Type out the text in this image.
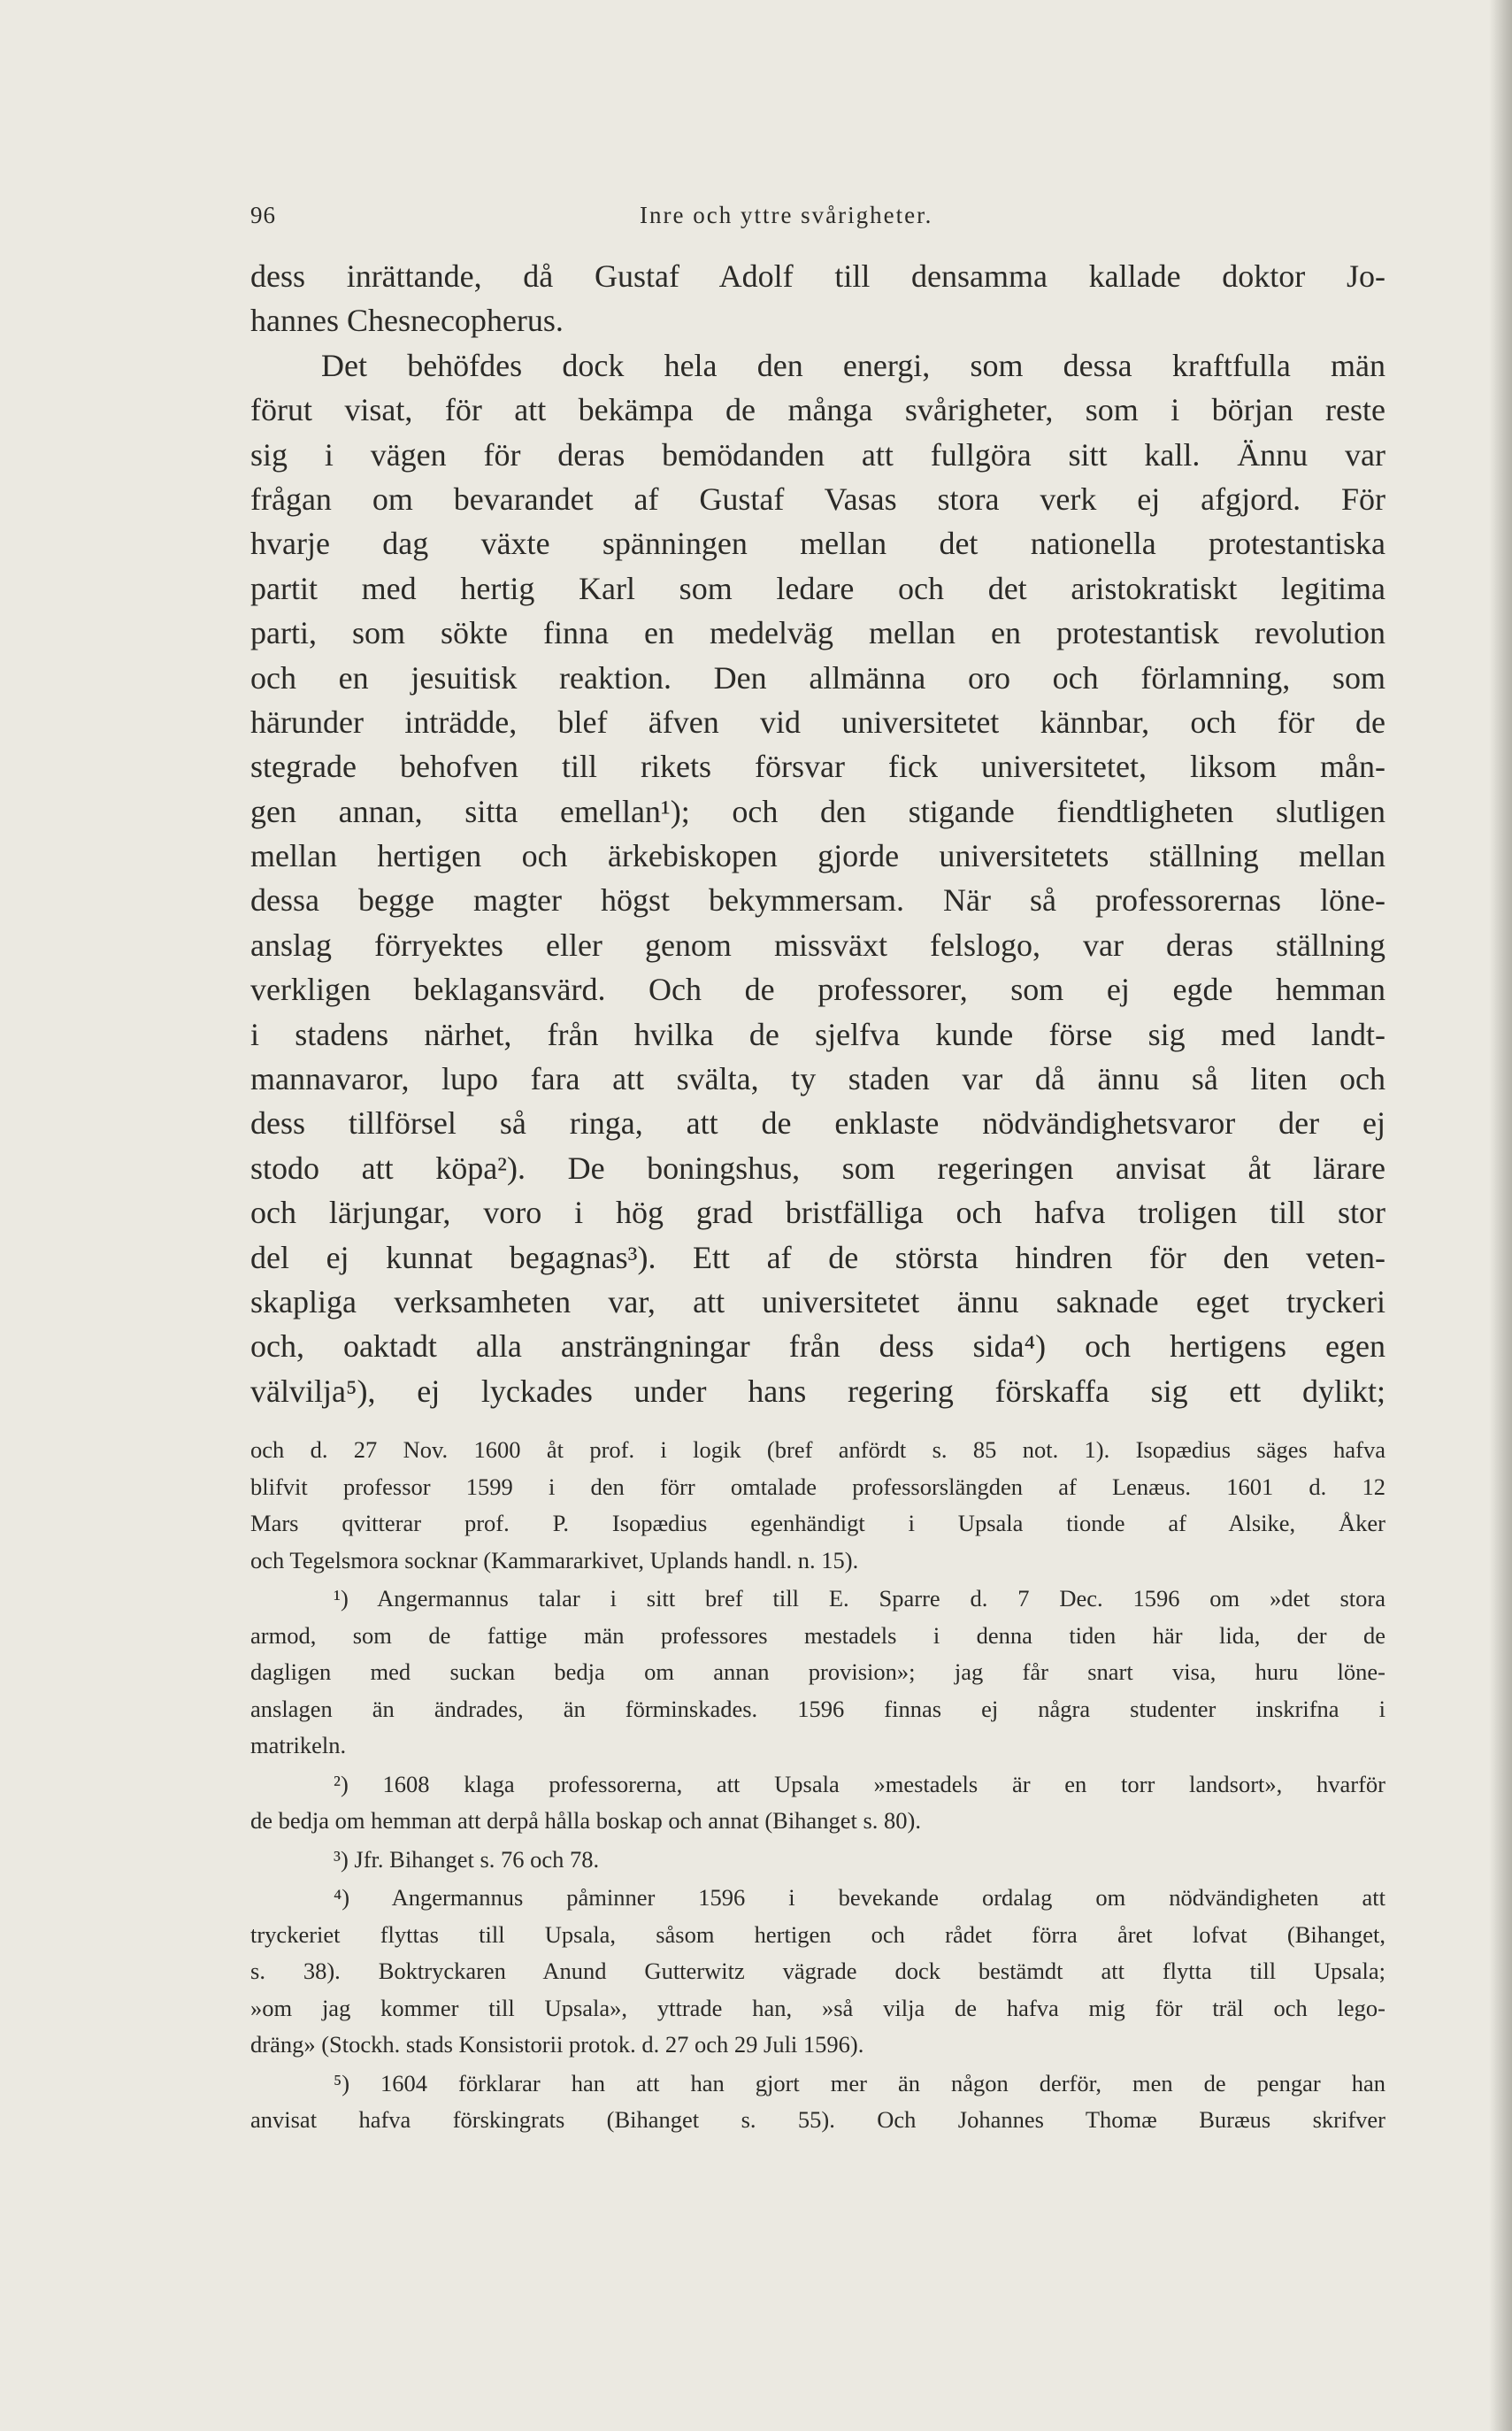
96	Inre och yttre svårigheter.
dess inrättande, då Gustaf Adolf till densamma kallade doktor Jo-
hannes Chesnecopherus.
Det behöfdes dock hela den energi, som dessa kraftfulla män
förut visat, för att bekämpa de många svårigheter, som i början reste
sig i vägen för deras bemödanden att fullgöra sitt kall. Ännu var
frågan om bevarandet af Gustaf Vasas stora verk ej afgjord. För
hvarje dag växte spänningen mellan det nationella protestantiska
partit med hertig Karl som ledare och det aristokratiskt legitima
parti, som sökte finna en medelväg mellan en protestantisk revolution
och en jesuitisk reaktion. Den allmänna oro och förlamning, som
härunder inträdde, blef äfven vid universitetet kännbar, och för de
stegrade behofven till rikets försvar fick universitetet, liksom mån-
gen annan, sitta emellan¹); och den stigande fiendtligheten slutligen
mellan hertigen och ärkebiskopen gjorde universitetets ställning mellan
dessa begge magter högst bekymmersam. När så professorernas löne-
anslag förryektes eller genom missväxt felslogo, var deras ställning
verkligen beklagansvärd. Och de professorer, som ej egde hemman
i stadens närhet, från hvilka de sjelfva kunde förse sig med landt-
mannavaror, lupo fara att svälta, ty staden var då ännu så liten och
dess tillförsel så ringa, att de enklaste nödvändighetsvaror der ej
stodo att köpa²). De boningshus, som regeringen anvisat åt lärare
och lärjungar, voro i hög grad bristfälliga och hafva troligen till stor
del ej kunnat begagnas³). Ett af de största hindren för den veten-
skapliga verksamheten var, att universitetet ännu saknade eget tryckeri
och, oaktadt alla ansträngningar från dess sida⁴) och hertigens egen
välvilja⁵), ej lyckades under hans regering förskaffa sig ett dylikt;
och d. 27 Nov. 1600 åt prof. i logik (bref anfördt s. 85 not. 1). Isopædius säges hafva
blifvit professor 1599 i den förr omtalade professorslängden af Lenæus. 1601 d. 12
Mars qvitterar prof. P. Isopædius egenhändigt i Upsala tionde af Alsike, Åker
och Tegelsmora socknar (Kammararkivet, Uplands handl. n. 15).
¹) Angermannus talar i sitt bref till E. Sparre d. 7 Dec. 1596 om »det stora
armod, som de fattige män professores mestadels i denna tiden här lida, der de
dagligen med suckan bedja om annan provision»; jag får snart visa, huru löne-
anslagen än ändrades, än förminskades. 1596 finnas ej några studenter inskrifna i
matrikeln.
²) 1608 klaga professorerna, att Upsala »mestadels är en torr landsort», hvarför
de bedja om hemman att derpå hålla boskap och annat (Bihanget s. 80).
³) Jfr. Bihanget s. 76 och 78.
⁴) Angermannus påminner 1596 i bevekande ordalag om nödvändigheten att
tryckeriet flyttas till Upsala, såsom hertigen och rådet förra året lofvat (Bihanget,
s. 38). Boktryckaren Anund Gutterwitz vägrade dock bestämdt att flytta till Upsala;
»om jag kommer till Upsala», yttrade han, »så vilja de hafva mig för träl och lego-
dräng» (Stockh. stads Konsistorii protok. d. 27 och 29 Juli 1596).
⁵) 1604 förklarar han att han gjort mer än någon derför, men de pengar han
anvisat hafva förskingrats (Bihanget s. 55). Och Johannes Thomæ Buræus skrifver
